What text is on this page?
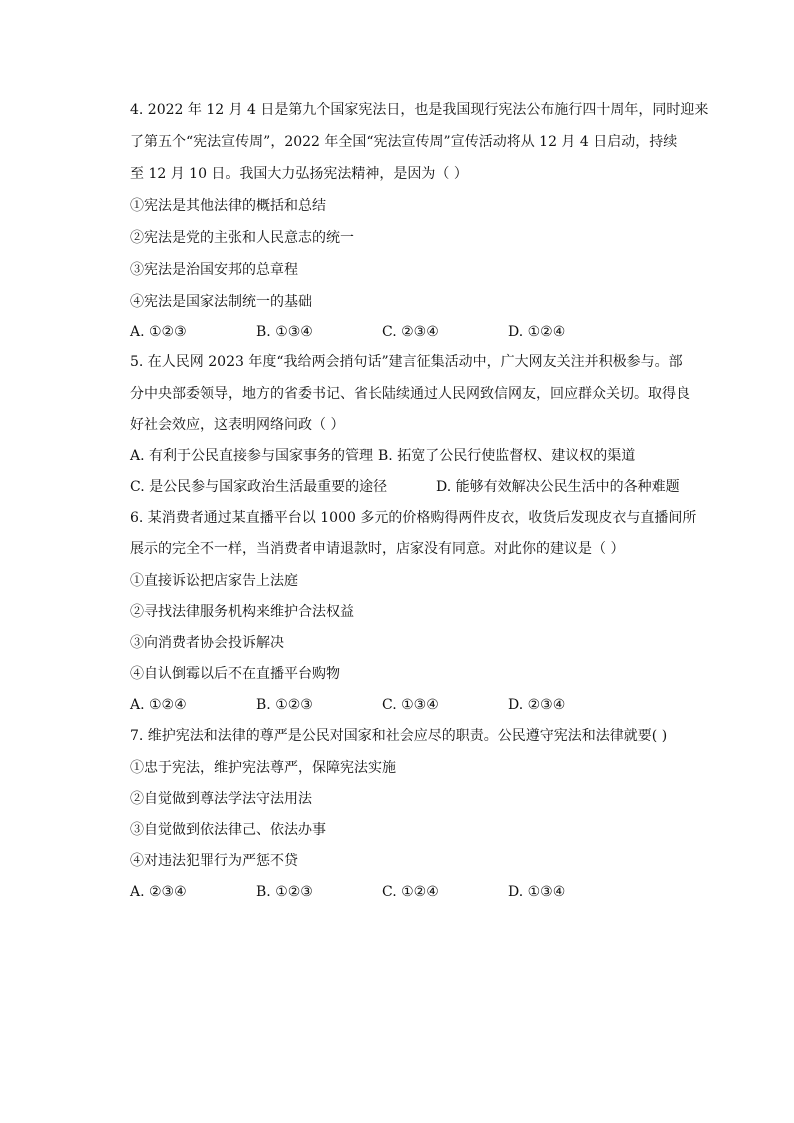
4. 2022 年 12 月 4 日是第九个国家宪法日，也是我国现行宪法公布施行四十周年，同时迎来
了第五个“宪法宣传周”，2022 年全国“宪法宣传周”宣传活动将从 12 月 4 日启动，持续
至 12 月 10 日。我国大力弘扬宪法精神，是因为（ ）
①宪法是其他法律的概括和总结
②宪法是党的主张和人民意志的统一
③宪法是治国安邦的总章程
④宪法是国家法制统一的基础
A. ①②③	B. ①③④	C. ②③④	D. ①②④
5. 在人民网 2023 年度“我给两会捎句话”建言征集活动中，广大网友关注并积极参与。部
分中央部委领导，地方的省委书记、省长陆续通过人民网致信网友，回应群众关切。取得良
好社会效应，这表明网络问政（ ）
A. 有利于公民直接参与国家事务的管理 B. 拓宽了公民行使监督权、建议权的渠道
C. 是公民参与国家政治生活最重要的途径	D. 能够有效解决公民生活中的各种难题
6. 某消费者通过某直播平台以 1000 多元的价格购得两件皮衣，收货后发现皮衣与直播间所
展示的完全不一样，当消费者申请退款时，店家没有同意。对此你的建议是（ ）
①直接诉讼把店家告上法庭
②寻找法律服务机构来维护合法权益
③向消费者协会投诉解决
④自认倒霉以后不在直播平台购物
A. ①②④	B. ①②③	C. ①③④	D. ②③④
7. 维护宪法和法律的尊严是公民对国家和社会应尽的职责。公民遵守宪法和法律就要( )
①忠于宪法，维护宪法尊严，保障宪法实施
②自觉做到尊法学法守法用法
③自觉做到依法律己、依法办事
④对违法犯罪行为严惩不贷
A. ②③④	B. ①②③	C. ①②④	D. ①③④
